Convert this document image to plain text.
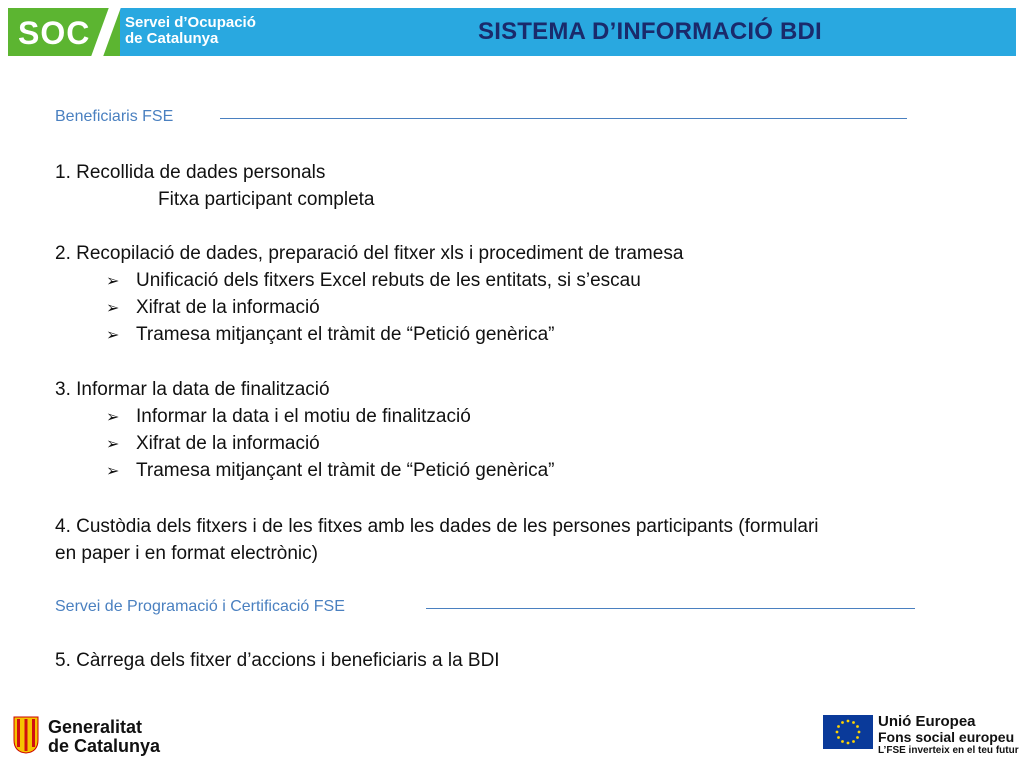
SOC Servei d’Ocupació
de Catalunya	SISTEMA D’INFORMACIÓ BDI
Beneficiaris FSE
1. Recollida de dades personals
Fitxa participant completa
2. Recopilació de dades, preparació del fitxer xls i procediment de tramesa
➢ Unificació dels fitxers Excel rebuts de les entitats, si s’escau
➢ Xifrat de la informació
➢ Tramesa mitjançant el tràmit de “Petició genèrica”
3. Informar la data de finalització
➢ Informar la data i el motiu de finalització
➢ Xifrat de la informació
➢ Tramesa mitjançant el tràmit de “Petició genèrica”
4. Custòdia dels fitxers i de les fitxes amb les dades de les persones participants (formulari
en paper i en format electrònic)
Servei de Programació i Certificació FSE
5. Càrrega dels fitxer d’accions i beneficiaris a la BDI
Generalitat
de Catalunya
Unió Europea
Fons social europeu
L’FSE inverteix en el teu futur
